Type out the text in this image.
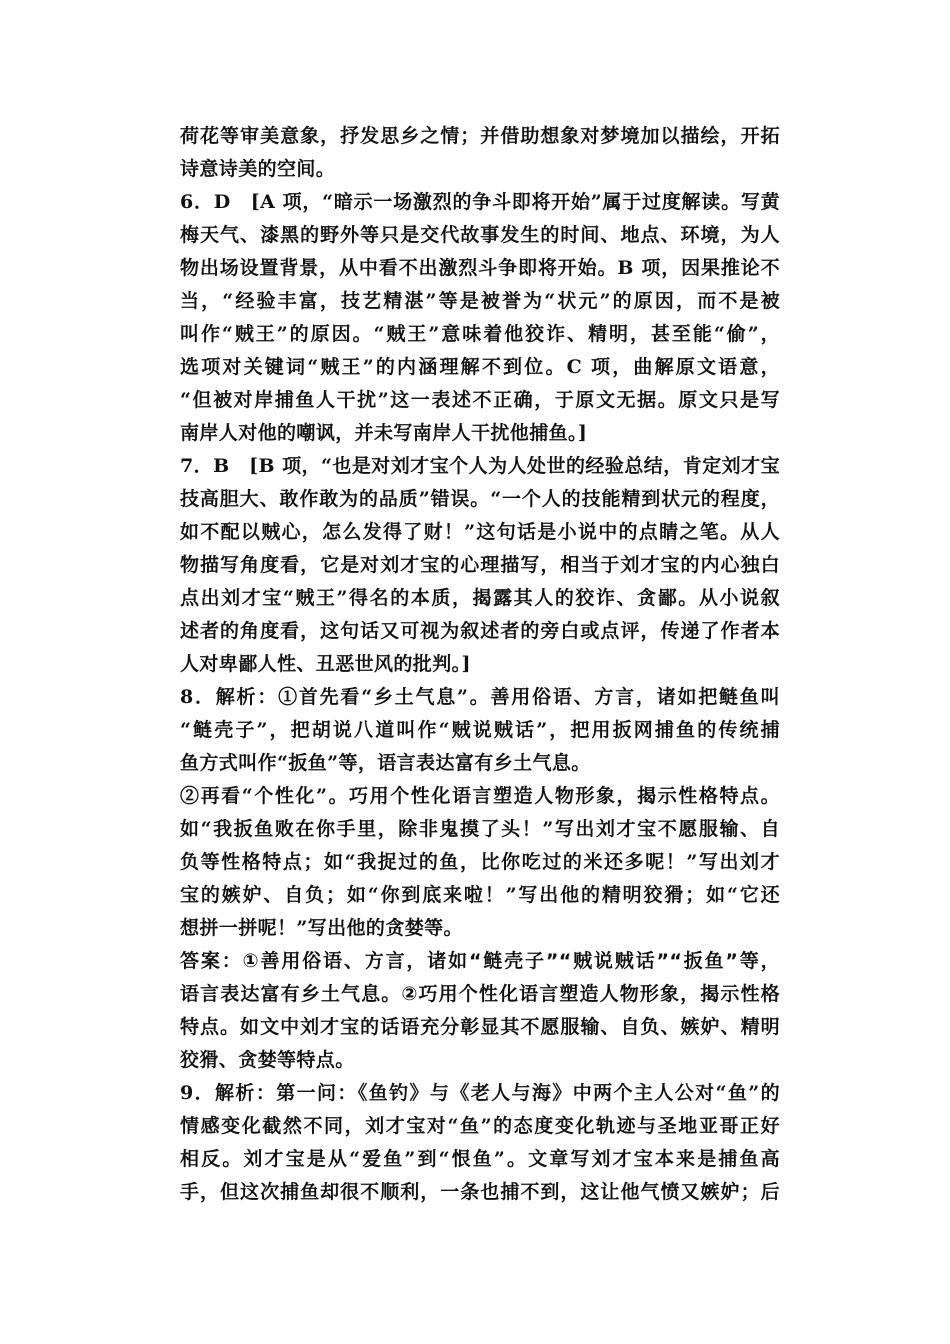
荷花等审美意象，抒发思乡之情；并借助想象对梦境加以描绘，开拓
诗意诗美的空间。
6．D　[A 项，“暗示一场激烈的争斗即将开始”属于过度解读。写黄
梅天气、漆黑的野外等只是交代故事发生的时间、地点、环境，为人
物出场设置背景，从中看不出激烈斗争即将开始。B 项，因果推论不
当，“经验丰富，技艺精湛”等是被誉为“状元”的原因，而不是被
叫作“贼王”的原因。“贼王”意味着他狡诈、精明，甚至能“偷”，
选项对关键词“贼王”的内涵理解不到位。C 项，曲解原文语意，
“但被对岸捕鱼人干扰”这一表述不正确，于原文无据。原文只是写
南岸人对他的嘲讽，并未写南岸人干扰他捕鱼。]
7．B　[B 项，“也是对刘才宝个人为人处世的经验总结，肯定刘才宝
技高胆大、敢作敢为的品质”错误。“一个人的技能精到状元的程度，
如不配以贼心，怎么发得了财！”这句话是小说中的点睛之笔。从人
物描写角度看，它是对刘才宝的心理描写，相当于刘才宝的内心独白
点出刘才宝“贼王”得名的本质，揭露其人的狡诈、贪鄙。从小说叙
述者的角度看，这句话又可视为叙述者的旁白或点评，传递了作者本
人对卑鄙人性、丑恶世风的批判。]
8．解析：①首先看“乡土气息”。善用俗语、方言，诸如把鲢鱼叫
“鲢壳子”，把胡说八道叫作“贼说贼话”，把用扳网捕鱼的传统捕
鱼方式叫作“扳鱼”等，语言表达富有乡土气息。
②再看“个性化”。巧用个性化语言塑造人物形象，揭示性格特点。
如“我扳鱼败在你手里，除非鬼摸了头！”写出刘才宝不愿服输、自
负等性格特点；如“我捉过的鱼，比你吃过的米还多呢！”写出刘才
宝的嫉妒、自负；如“你到底来啦！”写出他的精明狡猾；如“它还
想拼一拼呢！”写出他的贪婪等。
答案：①善用俗语、方言，诸如“鲢壳子”“贼说贼话”“扳鱼”等，
语言表达富有乡土气息。②巧用个性化语言塑造人物形象，揭示性格
特点。如文中刘才宝的话语充分彰显其不愿服输、自负、嫉妒、精明
狡猾、贪婪等特点。
9．解析：第一问：《鱼钓》与《老人与海》中两个主人公对“鱼”的
情感变化截然不同，刘才宝对“鱼”的态度变化轨迹与圣地亚哥正好
相反。刘才宝是从“爱鱼”到“恨鱼”。文章写刘才宝本来是捕鱼高
手，但这次捕鱼却很不顺利，一条也捕不到，这让他气愤又嫉妒；后
